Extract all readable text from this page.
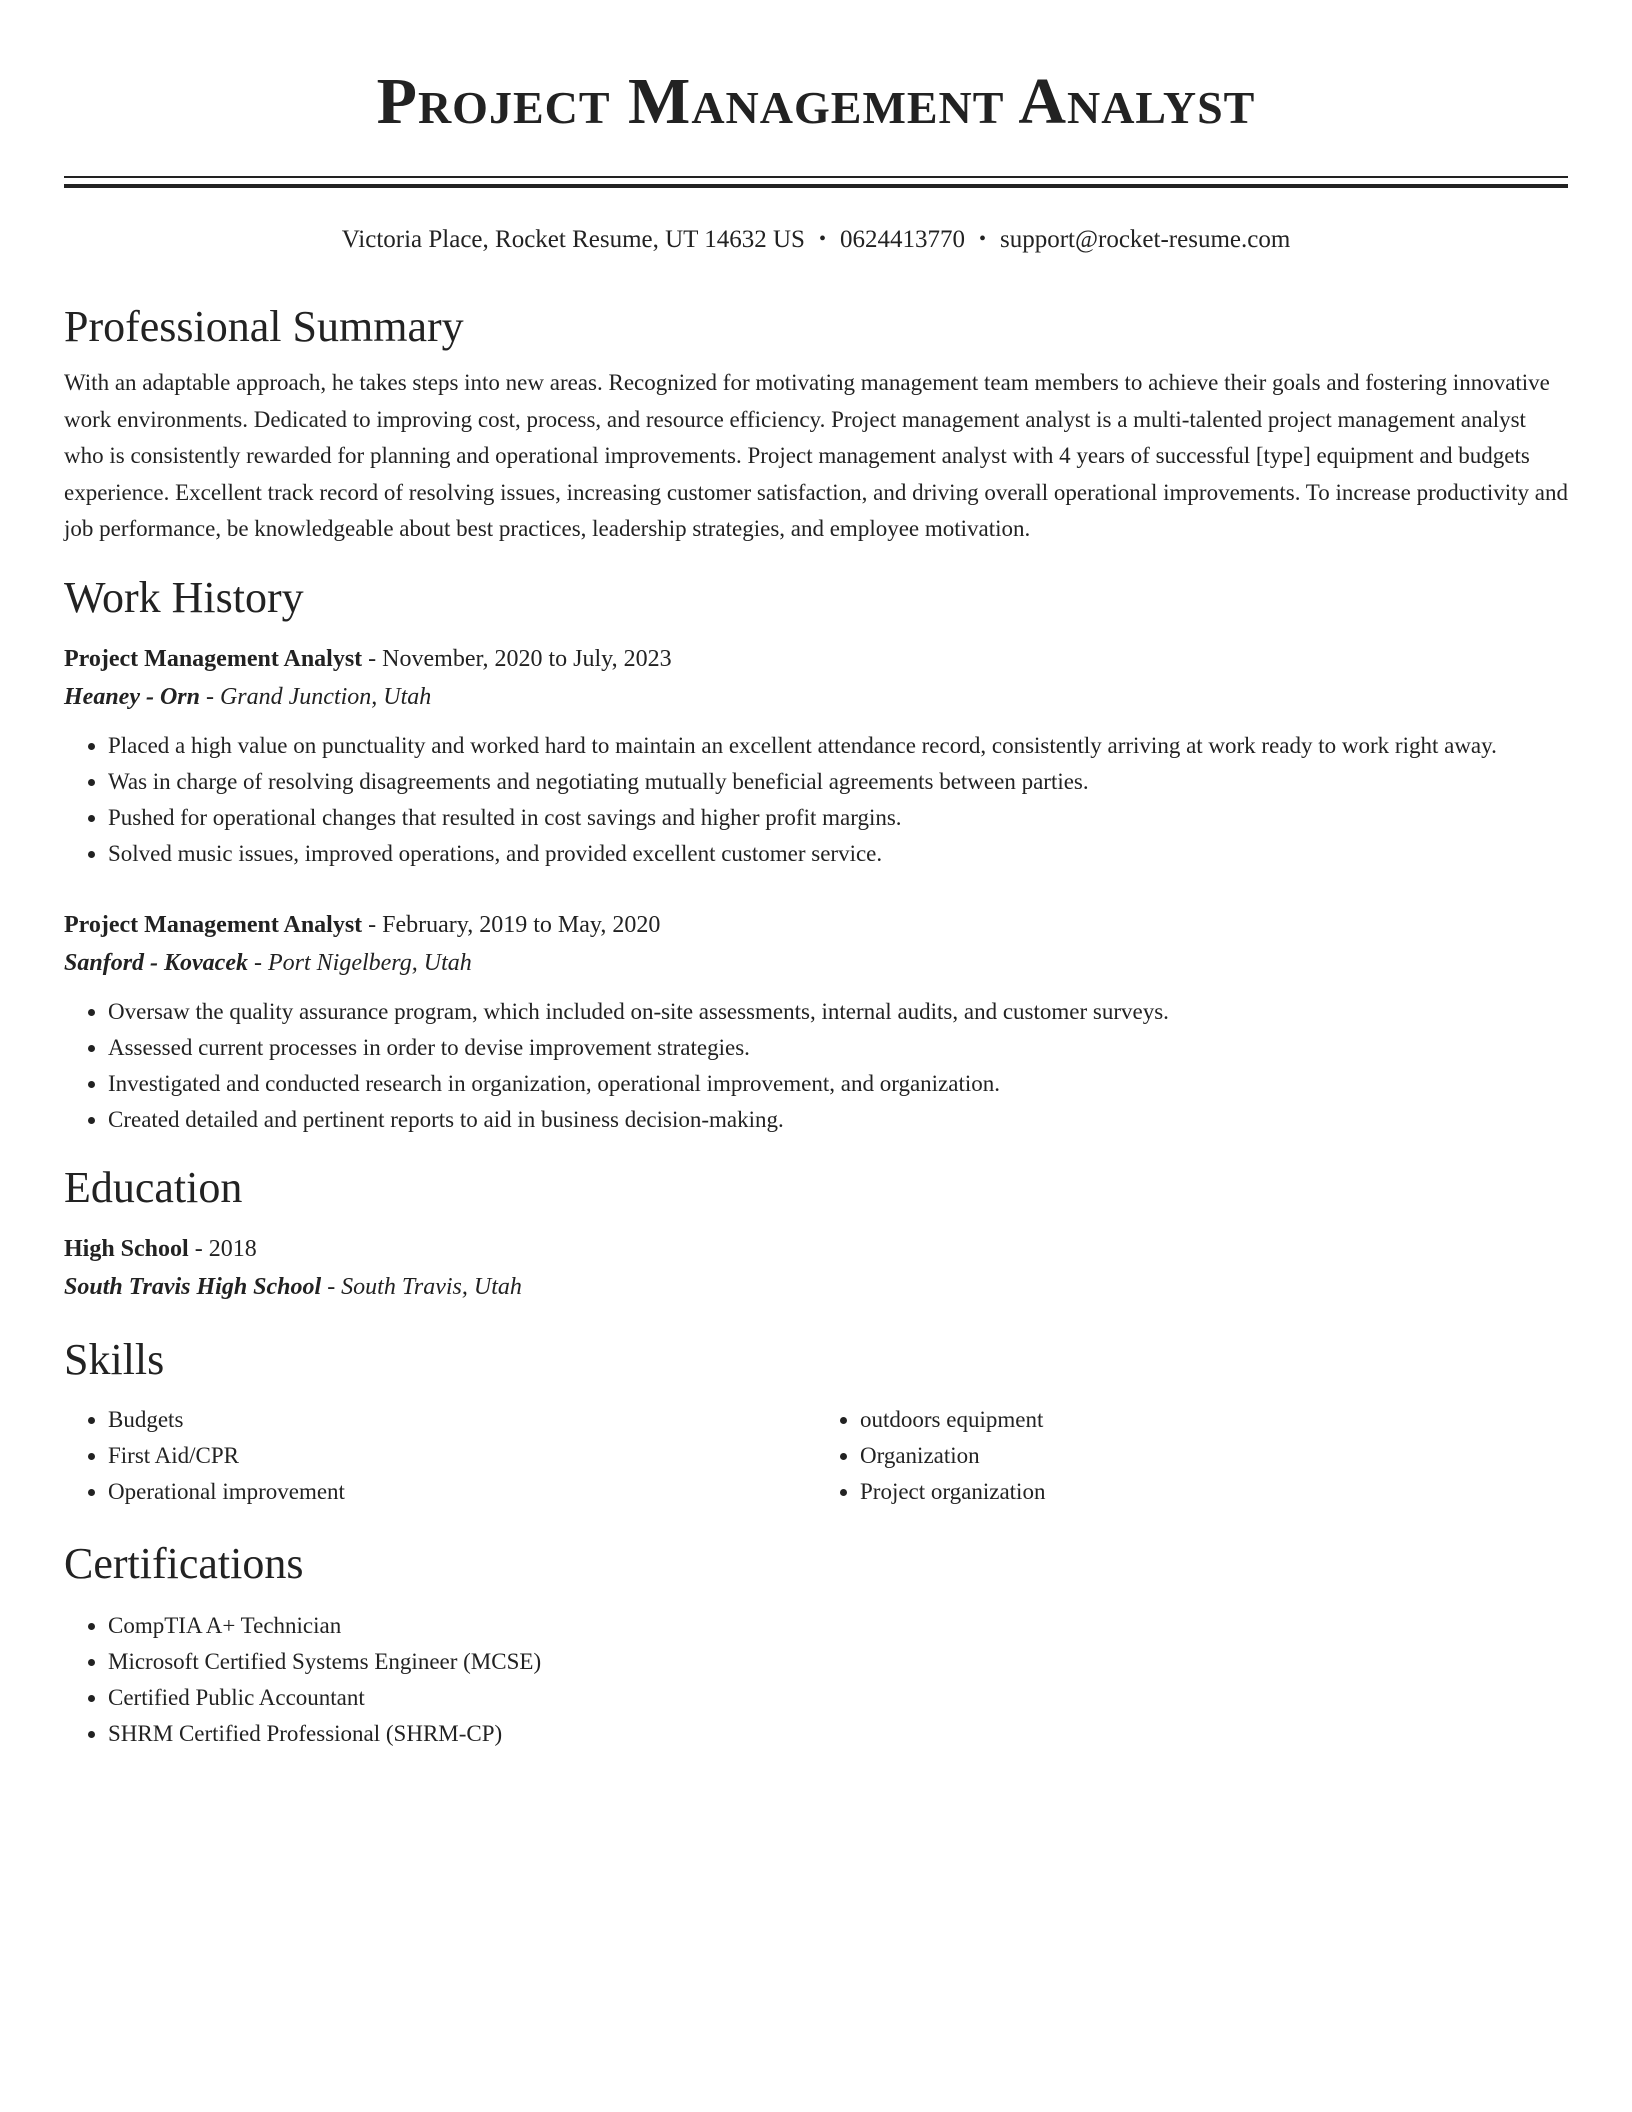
Project Management Analyst
Victoria Place, Rocket Resume, UT 14632 US • 0624413770 • support@rocket-resume.com
Professional Summary
With an adaptable approach, he takes steps into new areas. Recognized for motivating management team members to achieve their goals and fostering innovative work environments. Dedicated to improving cost, process, and resource efficiency. Project management analyst is a multi-talented project management analyst who is consistently rewarded for planning and operational improvements. Project management analyst with 4 years of successful [type] equipment and budgets experience. Excellent track record of resolving issues, increasing customer satisfaction, and driving overall operational improvements. To increase productivity and job performance, be knowledgeable about best practices, leadership strategies, and employee motivation.
Work History
Project Management Analyst - November, 2020 to July, 2023
Heaney - Orn - Grand Junction, Utah
• Placed a high value on punctuality and worked hard to maintain an excellent attendance record, consistently arriving at work ready to work right away.
• Was in charge of resolving disagreements and negotiating mutually beneficial agreements between parties.
• Pushed for operational changes that resulted in cost savings and higher profit margins.
• Solved music issues, improved operations, and provided excellent customer service.
Project Management Analyst - February, 2019 to May, 2020
Sanford - Kovacek - Port Nigelberg, Utah
• Oversaw the quality assurance program, which included on-site assessments, internal audits, and customer surveys.
• Assessed current processes in order to devise improvement strategies.
• Investigated and conducted research in organization, operational improvement, and organization.
• Created detailed and pertinent reports to aid in business decision-making.
Education
High School - 2018
South Travis High School - South Travis, Utah
Skills
• Budgets
• First Aid/CPR
• Operational improvement
• outdoors equipment
• Organization
• Project organization
Certifications
• CompTIA A+ Technician
• Microsoft Certified Systems Engineer (MCSE)
• Certified Public Accountant
• SHRM Certified Professional (SHRM-CP)
